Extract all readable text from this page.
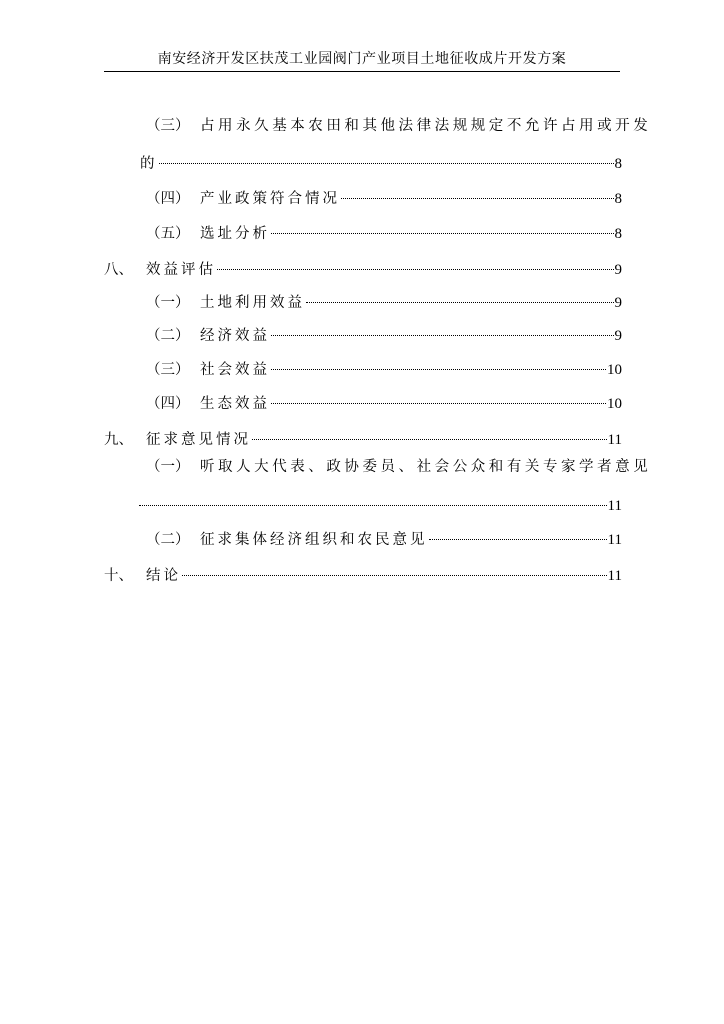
南安经济开发区扶茂工业园阀门产业项目土地征收成片开发方案
（三） 占用永久基本农田和其他法律法规规定不允许占用或开发
的	8
（四） 产业政策符合情况	8
（五） 选址分析	8
八、 效益评估	9
（一） 土地利用效益	9
（二） 经济效益	9
（三） 社会效益	10
（四） 生态效益	10
九、 征求意见情况	11
（一） 听取人大代表、政协委员、社会公众和有关专家学者意见
11
（二） 征求集体经济组织和农民意见	11
十、 结论	11
